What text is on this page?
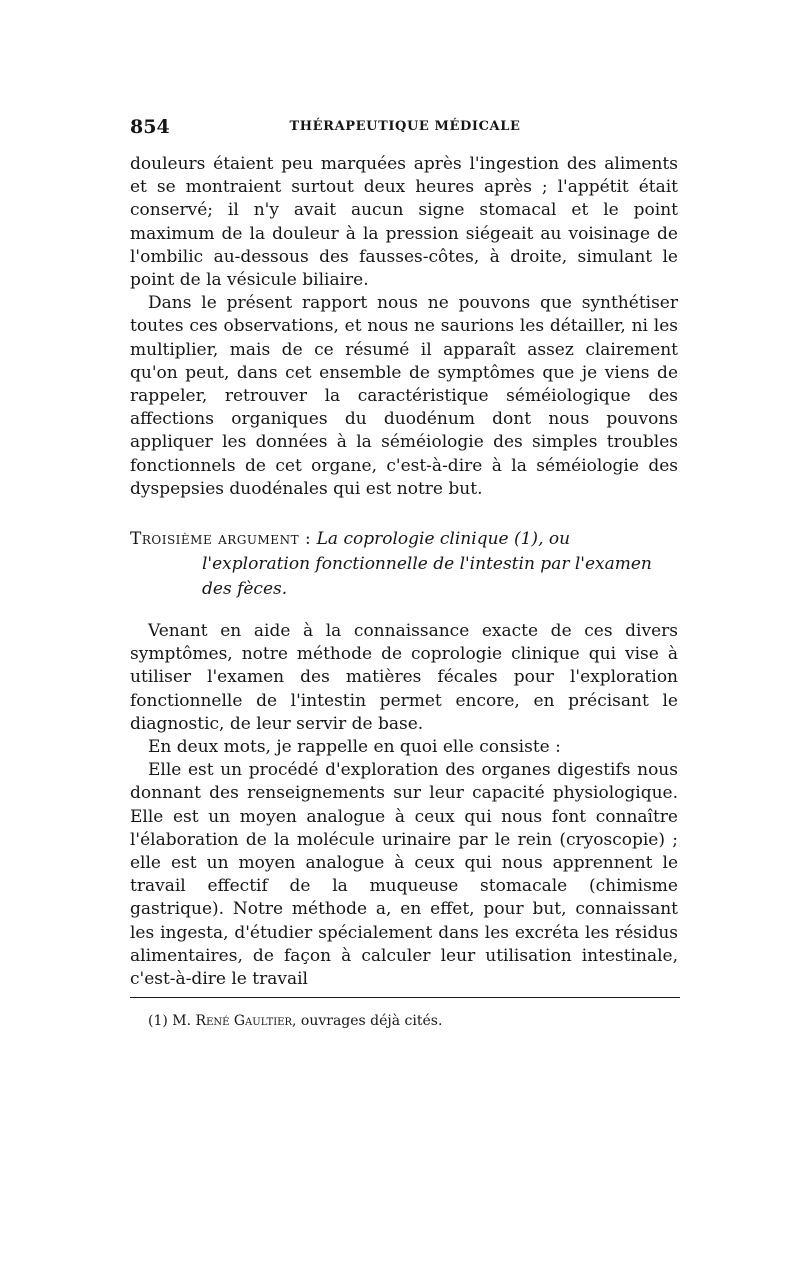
854	THÉRAPEUTIQUE MÉDICALE

douleurs étaient peu marquées après l'ingestion des aliments et se montraient surtout deux heures après ; l'appétit était conservé; il n'y avait aucun signe stomacal et le point maximum de la douleur à la pression siégeait au voisinage de l'ombilic au-dessous des fausses-côtes, à droite, simulant le point de la vésicule biliaire.

Dans le présent rapport nous ne pouvons que synthétiser toutes ces observations, et nous ne saurions les détailler, ni les multiplier, mais de ce résumé il apparaît assez clairement qu'on peut, dans cet ensemble de symptômes que je viens de rappeler, retrouver la caractéristique séméiologique des affections organiques du duodénum dont nous pouvons appliquer les données à la séméiologie des simples troubles fonctionnels de cet organe, c'est-à-dire à la séméiologie des dyspepsies duodénales qui est notre but.

Troisième argument : La coprologie clinique (1), ou l'exploration fonctionnelle de l'intestin par l'examen des fèces.

Venant en aide à la connaissance exacte de ces divers symptômes, notre méthode de coprologie clinique qui vise à utiliser l'examen des matières fécales pour l'exploration fonctionnelle de l'intestin permet encore, en précisant le diagnostic, de leur servir de base.

En deux mots, je rappelle en quoi elle consiste :

Elle est un procédé d'exploration des organes digestifs nous donnant des renseignements sur leur capacité physiologique. Elle est un moyen analogue à ceux qui nous font connaître l'élaboration de la molécule urinaire par le rein (cryoscopie) ; elle est un moyen analogue à ceux qui nous apprennent le travail effectif de la muqueuse stomacale (chimisme gastrique). Notre méthode a, en effet, pour but, connaissant les ingesta, d'étudier spécialement dans les excréta les résidus alimentaires, de façon à calculer leur utilisation intestinale, c'est-à-dire le travail

(1) M. René Gaultier, ouvrages déjà cités.
